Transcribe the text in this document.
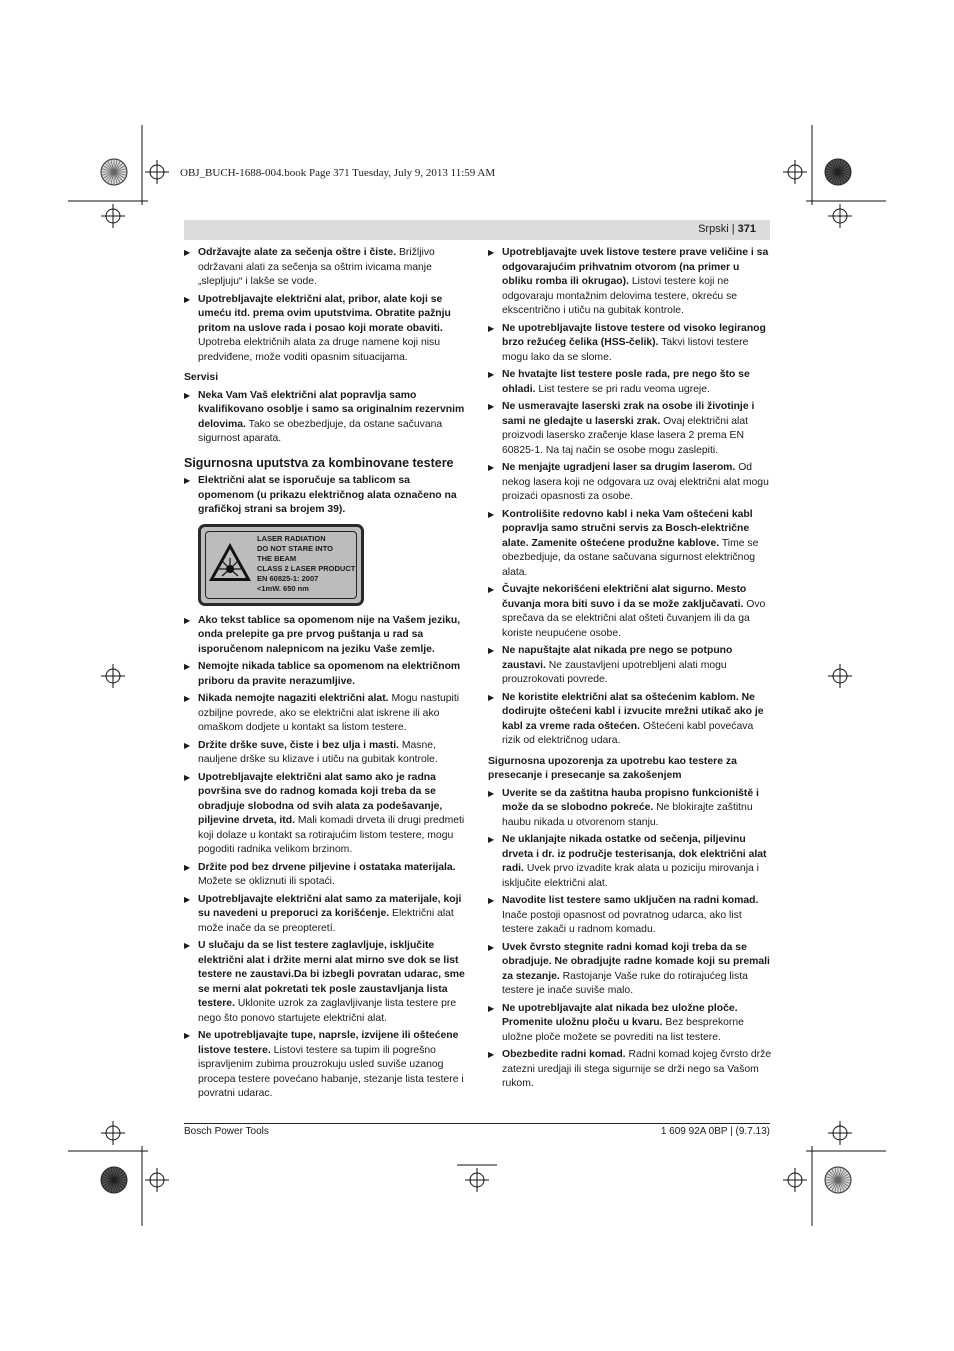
OBJ_BUCH-1688-004.book Page 371 Tuesday, July 9, 2013 11:59 AM
Srpski | 371
▶ Održavajte alate za sečenja oštre i čiste. Brižljivo održavani alati za sečenja sa oštrim ivicama manje „slepljuju“ i lakše se vode.
▶ Upotrebljavajte električni alat, pribor, alate koji se umeću itd. prema ovim uputstvima. Obratite pažnju pritom na uslove rada i posao koji morate obaviti. Upotreba električnih alata za druge namene koji nisu predviđene, može voditi opasnim situacijama.
Servisi
▶ Neka Vam Vaš električni alat popravlja samo kvalifikovano osoblje i samo sa originalnim rezervnim delovima. Tako se obezbedjuje, da ostane sačuvana sigurnost aparata.
Sigurnosna uputstva za kombinovane testere
▶ Električni alat se isporučuje sa tablicom sa opomenom (u prikazu električnog alata označeno na grafičkoj strani sa brojem 39).
LASER RADIATION
DO NOT STARE INTO
THE BEAM
CLASS 2 LASER PRODUCT
EN 60825-1: 2007
<1mW. 650 nm
▶ Ako tekst tablice sa opomenom nije na Vašem jeziku, onda prelepite ga pre prvog puštanja u rad sa isporučenom nalepnicom na jeziku Vaše zemlje.
▶ Nemojte nikada tablice sa opomenom na električnom priboru da pravite nerazumljive.
▶ Nikada nemojte nagaziti električni alat. Mogu nastupiti ozbiljne povrede, ako se električni alat iskrene ili ako omaškom dodjete u kontakt sa listom testere.
▶ Držite drške suve, čiste i bez ulja i masti. Masne, nauljene drške su klizave i utiču na gubitak kontrole.
▶ Upotrebljavajte električni alat samo ako je radna površina sve do radnog komada koji treba da se obradjuje slobodna od svih alata za podešavanje, piljevine drveta, itd. Mali komadi drveta ili drugi predmeti koji dolaze u kontakt sa rotirajućim listom testere, mogu pogoditi radnika velikom brzinom.
▶ Držite pod bez drvene piljevine i ostataka materijala. Možete se okliznuti ili spotaći.
▶ Upotrebljavajte električni alat samo za materijale, koji su navedeni u preporuci za korišćenje. Električni alat može inače da se preopteretí.
▶ U slučaju da se list testere zaglavljuje, isključite električni alat i držite merni alat mirno sve dok se list testere ne zaustavi.Da bi izbegli povratan udarac, sme se merni alat pokretati tek posle zaustavljanja lista testere. Uklonite uzrok za zaglavljivanje lista testere pre nego što ponovo startujete električni alat.
▶ Ne upotrebljavajte tupe, naprsle, izvijene ili oštećene listove testere. Listovi testere sa tupim ili pogrešno ispravljenim zubima prouzrokuju usled suviše uzanog procepa testere povećano habanje, stezanje lista testere i povratni udarac.
▶ Upotrebljavajte uvek listove testere prave veličine i sa odgovarajućim prihvatnim otvorom (na primer u obliku romba ili okrugao). Listovi testere koji ne odgovaraju montažnim delovima testere, okreću se ekscentrično i utiču na gubitak kontrole.
▶ Ne upotrebljavajte listove testere od visoko legiranog brzo režućeg čelika (HSS-čelik). Takvi listovi testere mogu lako da se slome.
▶ Ne hvatajte list testere posle rada, pre nego što se ohladi. List testere se pri radu veoma ugreje.
▶ Ne usmeravajte laserski zrak na osobe ili životinje i sami ne gledajte u laserski zrak. Ovaj električni alat proizvodi lasersko zračenje klase lasera 2 prema EN 60825-1. Na taj način se osobe mogu zaslepiti.
▶ Ne menjajte ugradjeni laser sa drugim laserom. Od nekog lasera koji ne odgovara uz ovaj električni alat mogu proizaći opasnosti za osobe.
▶ Kontrolišite redovno kabl i neka Vam oštećeni kabl popravlja samo stručni servis za Bosch-električne alate. Zamenite oštećene produžne kablove. Time se obezbedjuje, da ostane sačuvana sigurnost električnog alata.
▶ Čuvajte nekorišćeni električni alat sigurno. Mesto čuvanja mora biti suvo i da se može zaključavati. Ovo sprečava da se električni alat ošteti čuvanjem ili da ga koriste neupućene osobe.
▶ Ne napuštajte alat nikada pre nego se potpuno zaustavi. Ne zaustavljeni upotrebljeni alati mogu prouzrokovati povrede.
▶ Ne koristite električni alat sa oštećenim kablom. Ne dodirujte oštećeni kabl i izvucite mrežni utikač ako je kabl za vreme rada oštećen. Oštećeni kabl povećava rizik od električnog udara.
Sigurnosna upozorenja za upotrebu kao testere za presecanje i presecanje sa zakošenjem
▶ Uverite se da zaštitna hauba propisno funkcioniště i može da se slobodno pokreće. Ne blokirajte zaštitnu haubu nikada u otvorenom stanju.
▶ Ne uklanjajte nikada ostatke od sečenja, piljevinu drveta i dr. iz područje testerisanja, dok električni alat radi. Uvek prvo izvadite krak alata u poziciju mirovanja i isključite električni alat.
▶ Navodite list testere samo uključen na radni komad. Inače postoji opasnost od povratnog udarca, ako list testere zakači u radnom komadu.
▶ Uvek čvrsto stegnite radni komad koji treba da se obradjuje. Ne obradjujte radne komade koji su premali za stezanje. Rastojanje Vaše ruke do rotirajućeg lista testere je inače suviše malo.
▶ Ne upotrebljavajte alat nikada bez uložne ploče. Promenite uložnu ploču u kvaru. Bez besprekorne uložne ploče možete se povrediti na list testere.
▶ Obezbedite radni komad. Radni komad kojeg čvrsto drže zatezni uredjaji ili stega sigurnije se drži nego sa Vašom rukom.
Bosch Power Tools	1 609 92A 0BP | (9.7.13)
